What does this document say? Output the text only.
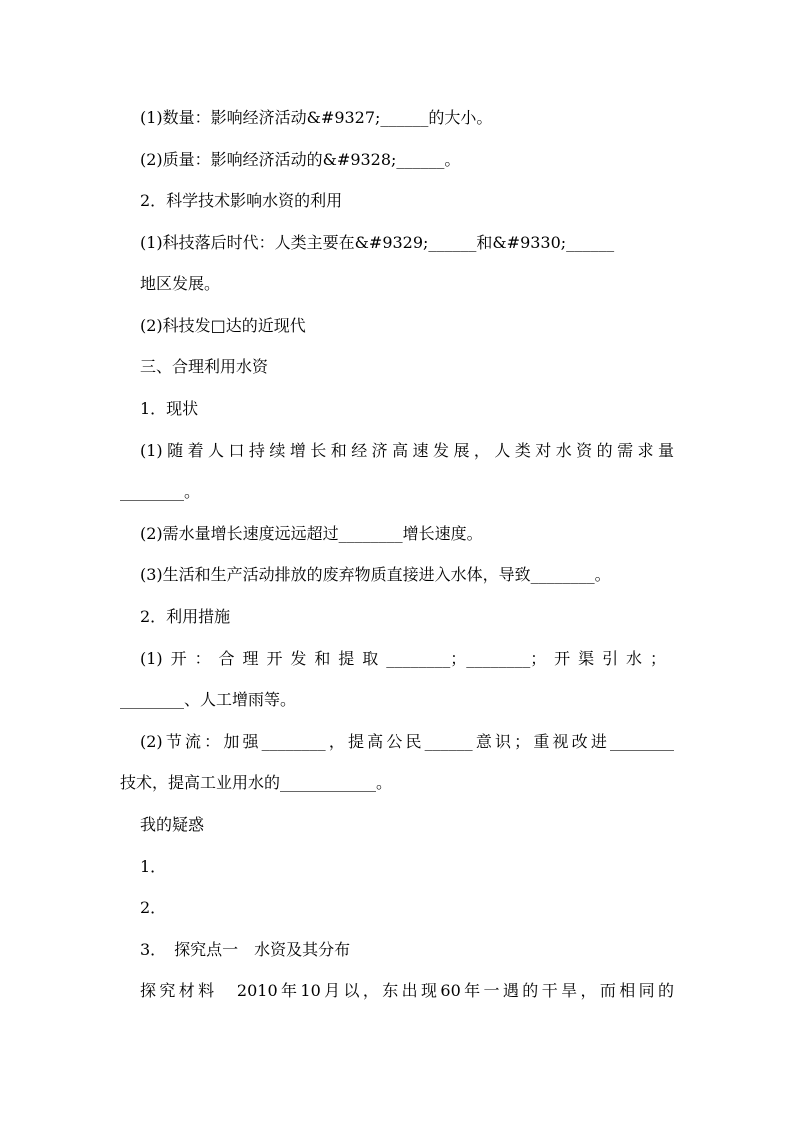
(1)数量：影响经济活动&#9327;______的大小。
(2)质量：影响经济活动的&#9328;______。
2．科学技术影响水资的利用
(1)科技落后时代：人类主要在&#9329;______和&#9330;______
地区发展。
(2)科技发□达的近现代
三、合理利用水资
1．现状
(1)随着人口持续增长和经济高速发展，人类对水资的需求量
________。
(2)需水量增长速度远远超过________增长速度。
(3)生活和生产活动排放的废弃物质直接进入水体，导致________。
2．利用措施
(1)开：合理开发和提取________；________；开渠引水；
________、人工增雨等。
(2)节流：加强________，提高公民______意识；重视改进________
技术，提高工业用水的____________。
我的疑惑
1．
2．
3．　探究点一　水资及其分布
探究材料　2010年10月以，东出现60年一遇的干旱，而相同的
